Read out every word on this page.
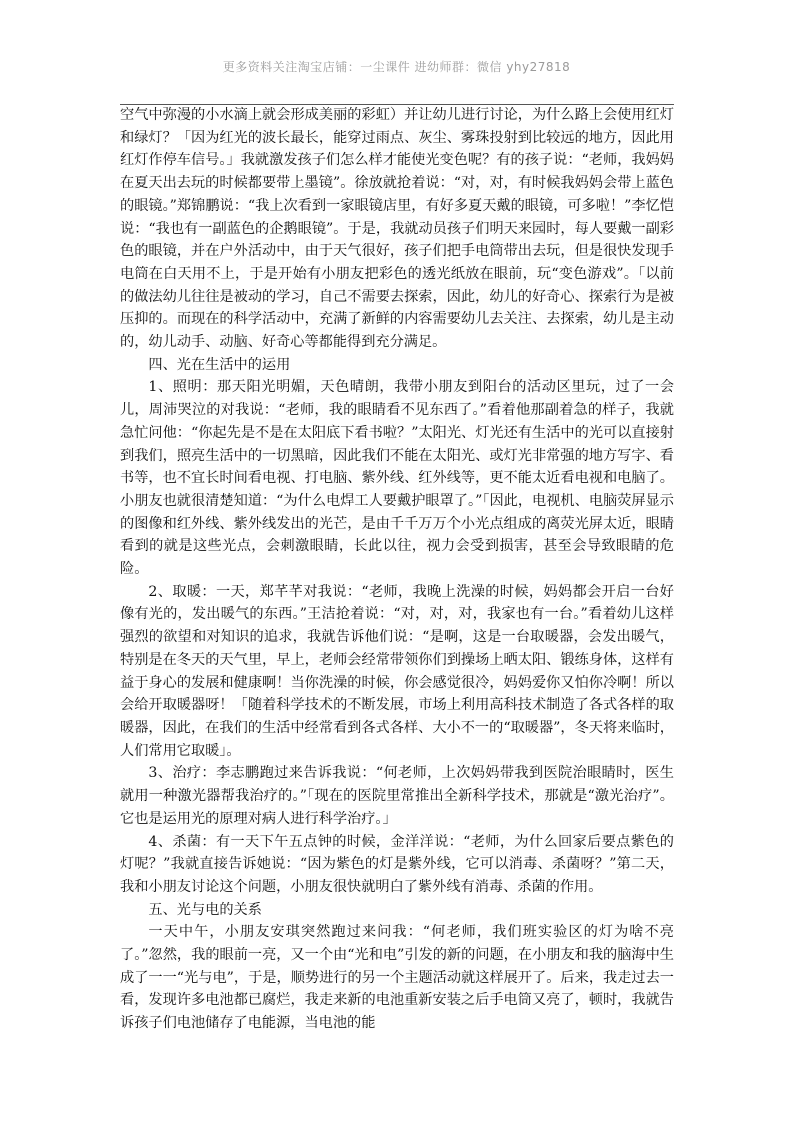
更多资料关注淘宝店铺：一尘课件 进幼师群：微信 yhy27818

空气中弥漫的小水滴上就会形成美丽的彩虹）并让幼儿进行讨论，为什么路上会使用红灯和绿灯？「因为红光的波长最长，能穿过雨点、灰尘、雾珠投射到比较远的地方，因此用红灯作停车信号。」我就激发孩子们怎么样才能使光变色呢？有的孩子说：“老师，我妈妈在夏天出去玩的时候都要带上墨镜”。徐放就抢着说：“对，对，有时候我妈妈会带上蓝色的眼镜。”郑锦鹏说：“我上次看到一家眼镜店里，有好多夏天戴的眼镜，可多啦！”李忆恺说：“我也有一副蓝色的企鹅眼镜”。于是，我就动员孩子们明天来园时，每人要戴一副彩色的眼镜，并在户外活动中，由于天气很好，孩子们把手电筒带出去玩，但是很快发现手电筒在白天用不上，于是开始有小朋友把彩色的透光纸放在眼前，玩“变色游戏”。「以前的做法幼儿往往是被动的学习，自己不需要去探索，因此，幼儿的好奇心、探索行为是被压抑的。而现在的科学活动中，充满了新鲜的内容需要幼儿去关注、去探索，幼儿是主动的，幼儿动手、动脑、好奇心等都能得到充分满足。

四、光在生活中的运用

1、照明：那天阳光明媚，天色晴朗，我带小朋友到阳台的活动区里玩，过了一会儿，周沛哭泣的对我说：“老师，我的眼睛看不见东西了。”看着他那副着急的样子，我就急忙问他：“你起先是不是在太阳底下看书啦？”太阳光、灯光还有生活中的光可以直接射到我们，照亮生活中的一切黑暗，因此我们不能在太阳光、或灯光非常强的地方写字、看书等，也不宜长时间看电视、打电脑、紫外线、红外线等，更不能太近看电视和电脑了。小朋友也就很清楚知道：“为什么电焊工人要戴护眼罩了。”「因此，电视机、电脑荧屏显示的图像和红外线、紫外线发出的光芒，是由千千万万个小光点组成的离荧光屏太近，眼睛看到的就是这些光点，会刺激眼睛，长此以往，视力会受到损害，甚至会导致眼睛的危险。

2、取暖：一天，郑芊芊对我说：“老师，我晚上洗澡的时候，妈妈都会开启一台好像有光的，发出暖气的东西。”王洁抢着说：“对，对，对，我家也有一台。”看着幼儿这样强烈的欲望和对知识的追求，我就告诉他们说：“是啊，这是一台取暖器，会发出暖气，特别是在冬天的天气里，早上，老师会经常带领你们到操场上晒太阳、锻练身体，这样有益于身心的发展和健康啊！当你洗澡的时候，你会感觉很冷，妈妈爱你又怕你冷啊！所以会给开取暖器呀！「随着科学技术的不断发展，市场上利用高科技术制造了各式各样的取暖器，因此，在我们的生活中经常看到各式各样、大小不一的“取暖器”，冬天将来临时，人们常用它取暖」。

3、治疗：李志鹏跑过来告诉我说：“何老师，上次妈妈带我到医院治眼睛时，医生就用一种激光器帮我治疗的。”「现在的医院里常推出全新科学技术，那就是“激光治疗”。它也是运用光的原理对病人进行科学治疗。」

4、杀菌：有一天下午五点钟的时候，金洋洋说：“老师，为什么回家后要点紫色的灯呢？”我就直接告诉她说：“因为紫色的灯是紫外线，它可以消毒、杀菌呀？”第二天，我和小朋友讨论这个问题，小朋友很快就明白了紫外线有消毒、杀菌的作用。

五、光与电的关系

一天中午，小朋友安琪突然跑过来问我：“何老师，我们班实验区的灯为啥不亮了。”忽然，我的眼前一亮，又一个由“光和电”引发的新的问题，在小朋友和我的脑海中生成了一一“光与电”，于是，顺势进行的另一个主题活动就这样展开了。后来，我走过去一看，发现许多电池都已腐烂，我走来新的电池重新安装之后手电筒又亮了，顿时，我就告诉孩子们电池储存了电能源，当电池的能
